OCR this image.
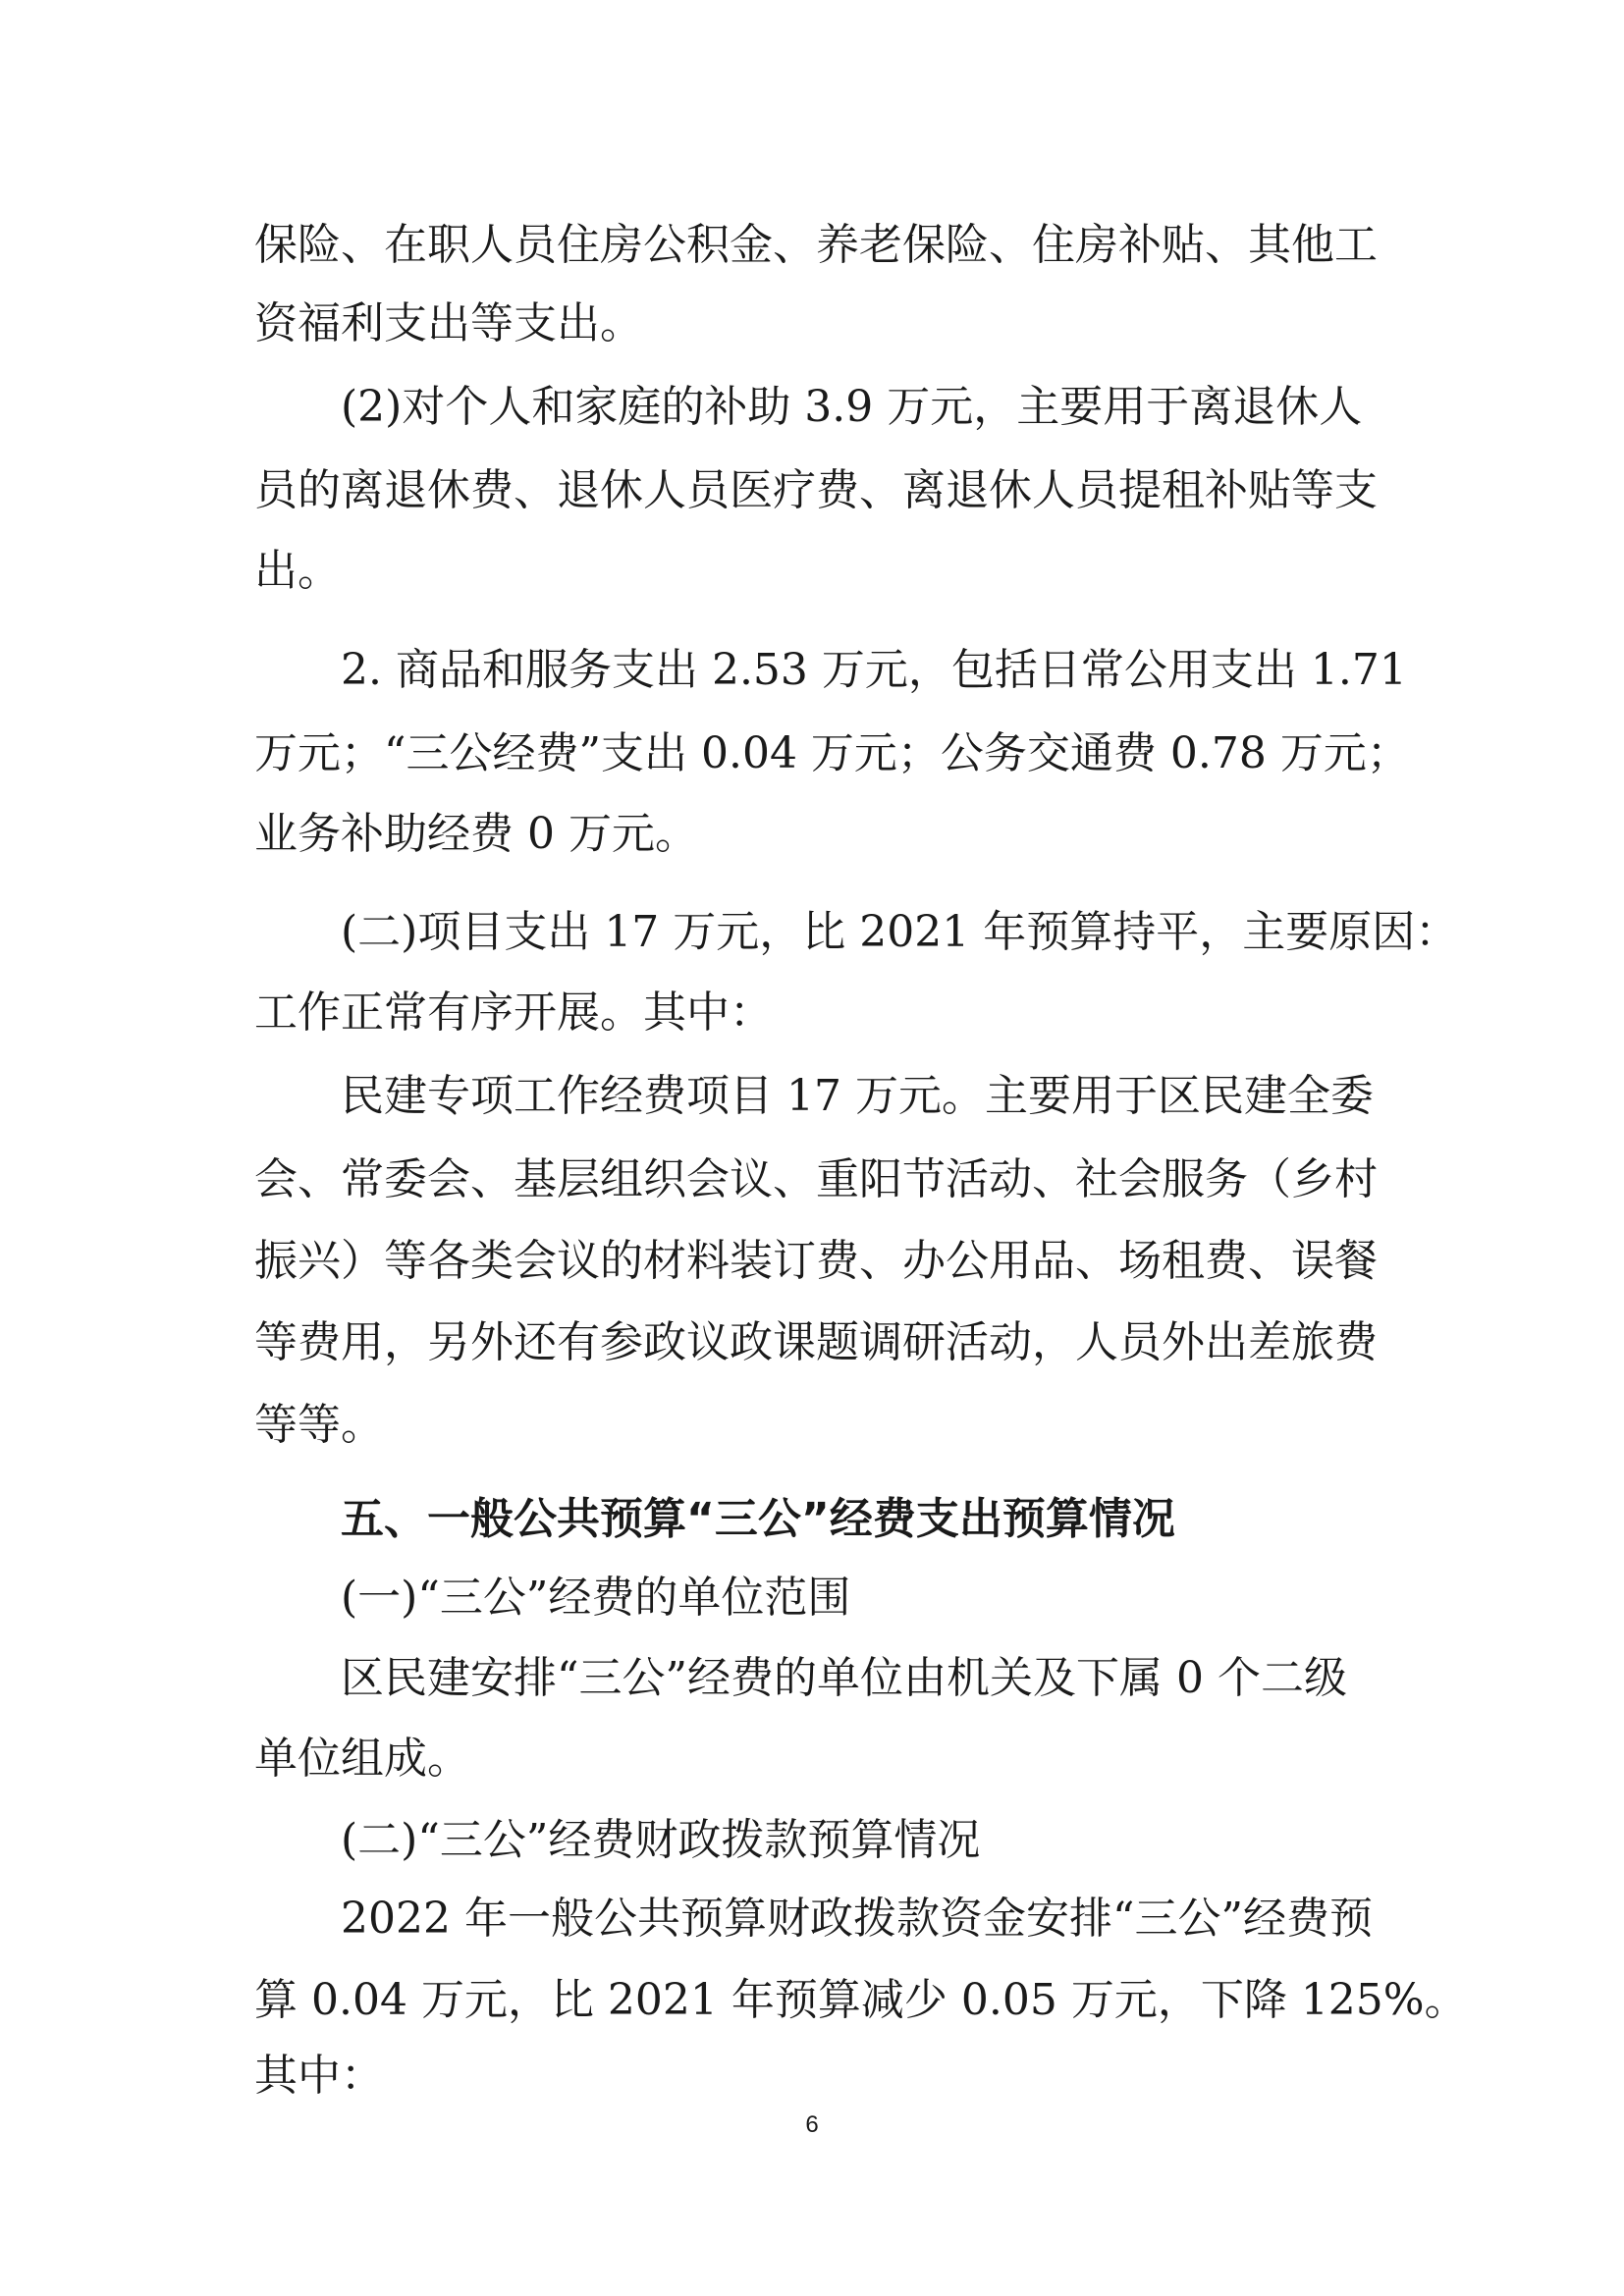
保险、在职人员住房公积金、养老保险、住房补贴、其他工

资福利支出等支出。

(2)对个人和家庭的补助 3.9 万元，主要用于离退休人

员的离退休费、退休人员医疗费、离退休人员提租补贴等支

出。

2. 商品和服务支出 2.53 万元，包括日常公用支出 1.71

万元；“三公经费”支出 0.04 万元；公务交通费 0.78 万元；

业务补助经费 0 万元。

(二)项目支出 17 万元，比 2021 年预算持平，主要原因：

工作正常有序开展。其中：

民建专项工作经费项目 17 万元。主要用于区民建全委

会、常委会、基层组织会议、重阳节活动、社会服务（乡村

振兴）等各类会议的材料装订费、办公用品、场租费、误餐

等费用，另外还有参政议政课题调研活动，人员外出差旅费

等等。

五、一般公共预算“三公”经费支出预算情况

(一)“三公”经费的单位范围

区民建安排“三公”经费的单位由机关及下属 0 个二级

单位组成。

(二)“三公”经费财政拨款预算情况

2022 年一般公共预算财政拨款资金安排“三公”经费预

算 0.04 万元，比 2021 年预算减少 0.05 万元，下降 125%。

其中：

6
